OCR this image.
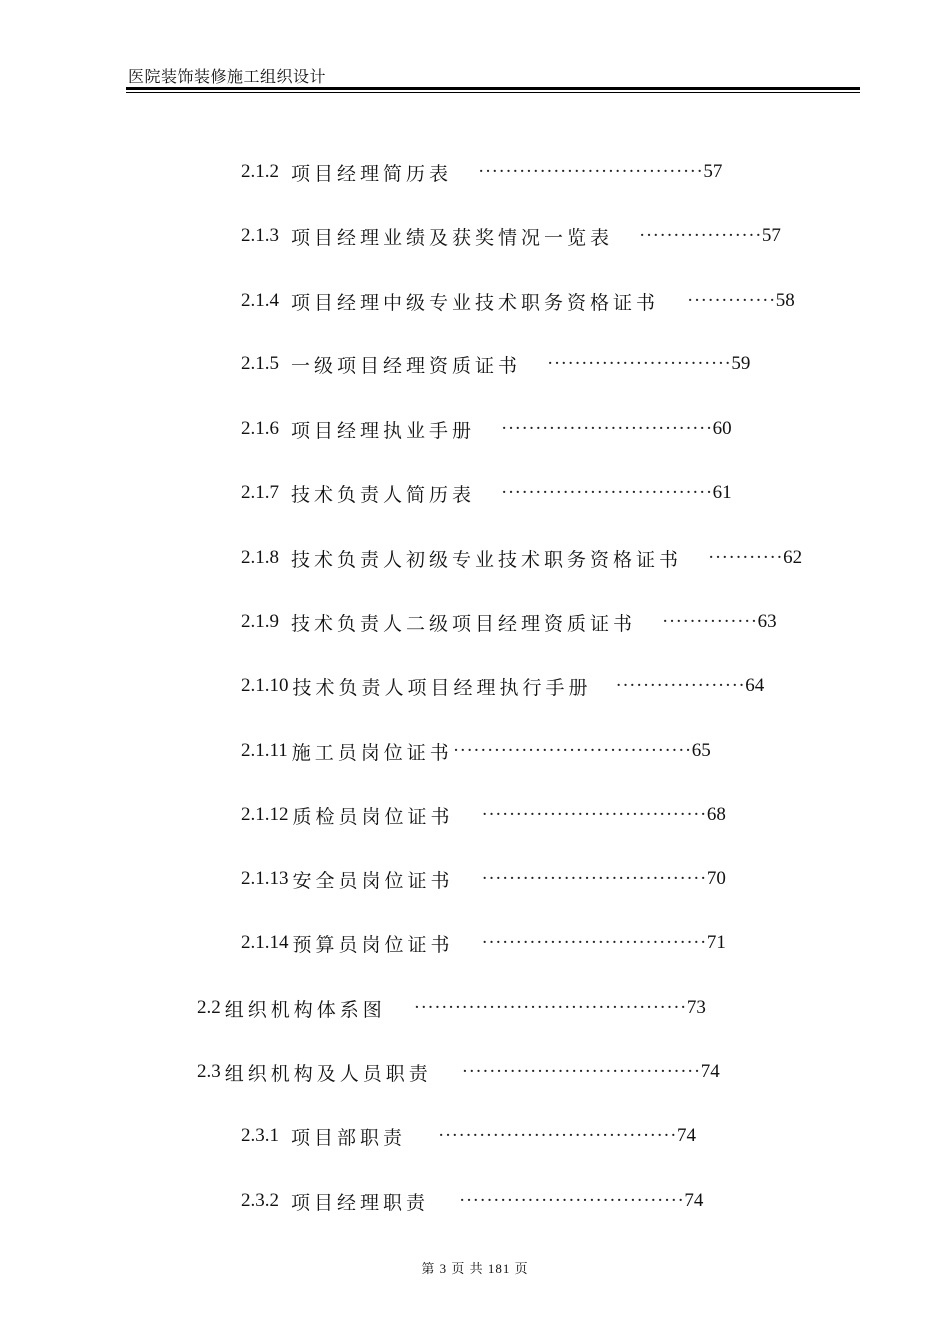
医院装饰装修施工组织设计
2.1.2 项目经理简历表 ································· 57
2.1.3 项目经理业绩及获奖情况一览表 ·················· 57
2.1.4 项目经理中级专业技术职务资格证书 ············· 58
2.1.5 一级项目经理资质证书 ··························· 59
2.1.6 项目经理执业手册 ······························· 60
2.1.7 技术负责人简历表 ······························· 61
2.1.8 技术负责人初级专业技术职务资格证书 ··········· 62
2.1.9 技术负责人二级项目经理资质证书 ·············· 63
2.1.10 技术负责人项目经理执行手册 ··················· 64
2.1.11 施工员岗位证书 ··································· 65
2.1.12 质检员岗位证书 ································· 68
2.1.13 安全员岗位证书 ································· 70
2.1.14 预算员岗位证书 ································· 71
2.2 组织机构体系图 ········································ 73
2.3 组织机构及人员职责 ··································· 74
2.3.1 项目部职责 ··································· 74
2.3.2 项目经理职责 ································· 74
第 3 页 共 181 页
